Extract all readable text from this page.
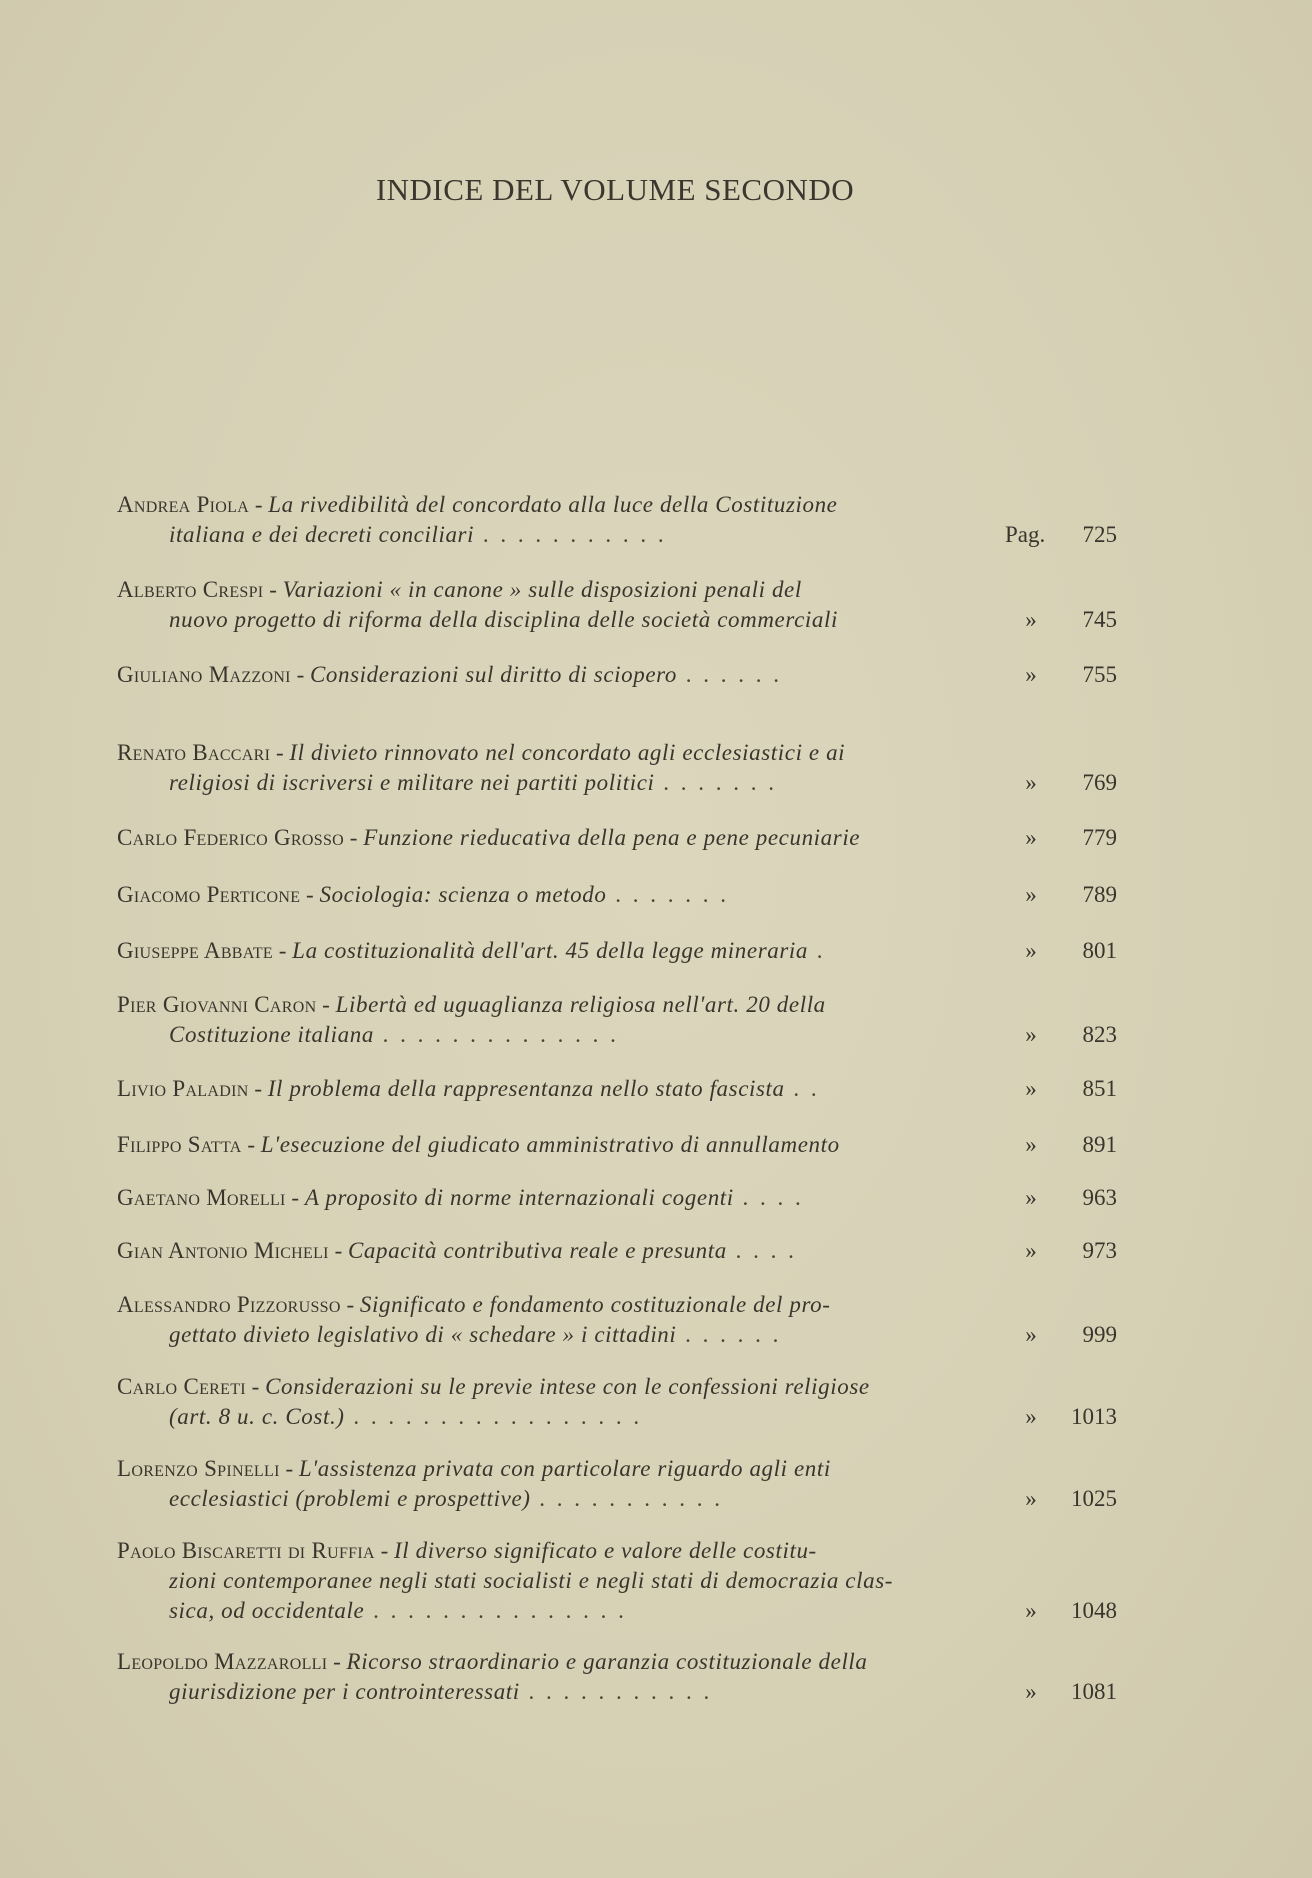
INDICE DEL VOLUME SECONDO
Andrea Piola - La rivedibilità del concordato alla luce della Costituzione
italiana e dei decreti conciliari . . . . . . . . . . .	Pag.	725
Alberto Crespi - Variazioni « in canone » sulle disposizioni penali del
nuovo progetto di riforma della disciplina delle società commerciali	»	745
Giuliano Mazzoni - Considerazioni sul diritto di sciopero . . . . . .	»	755
Renato Baccari - Il divieto rinnovato nel concordato agli ecclesiastici e ai
religiosi di iscriversi e militare nei partiti politici . . . . . . .	»	769
Carlo Federico Grosso - Funzione rieducativa della pena e pene pecuniarie	»	779
Giacomo Perticone - Sociologia: scienza o metodo . . . . . . .	»	789
Giuseppe Abbate - La costituzionalità dell'art. 45 della legge mineraria .	»	801
Pier Giovanni Caron - Libertà ed uguaglianza religiosa nell'art. 20 della
Costituzione italiana . . . . . . . . . . . . . .	»	823
Livio Paladin - Il problema della rappresentanza nello stato fascista . .	»	851
Filippo Satta - L'esecuzione del giudicato amministrativo di annullamento	»	891
Gaetano Morelli - A proposito di norme internazionali cogenti . . . .	»	963
Gian Antonio Micheli - Capacità contributiva reale e presunta . . . .	»	973
Alessandro Pizzorusso - Significato e fondamento costituzionale del pro-
gettato divieto legislativo di « schedare » i cittadini . . . . . .	»	999
Carlo Cereti - Considerazioni su le previe intese con le confessioni religiose
(art. 8 u. c. Cost.) . . . . . . . . . . . . . . . . .	»	1013
Lorenzo Spinelli - L'assistenza privata con particolare riguardo agli enti
ecclesiastici (problemi e prospettive) . . . . . . . . . . .	»	1025
Paolo Biscaretti di Ruffia - Il diverso significato e valore delle costitu-
zioni contemporanee negli stati socialisti e negli stati di democrazia clas-
sica, od occidentale . . . . . . . . . . . . . . .	»	1048
Leopoldo Mazzarolli - Ricorso straordinario e garanzia costituzionale della
giurisdizione per i controinteressati . . . . . . . . . . .	»	1081
